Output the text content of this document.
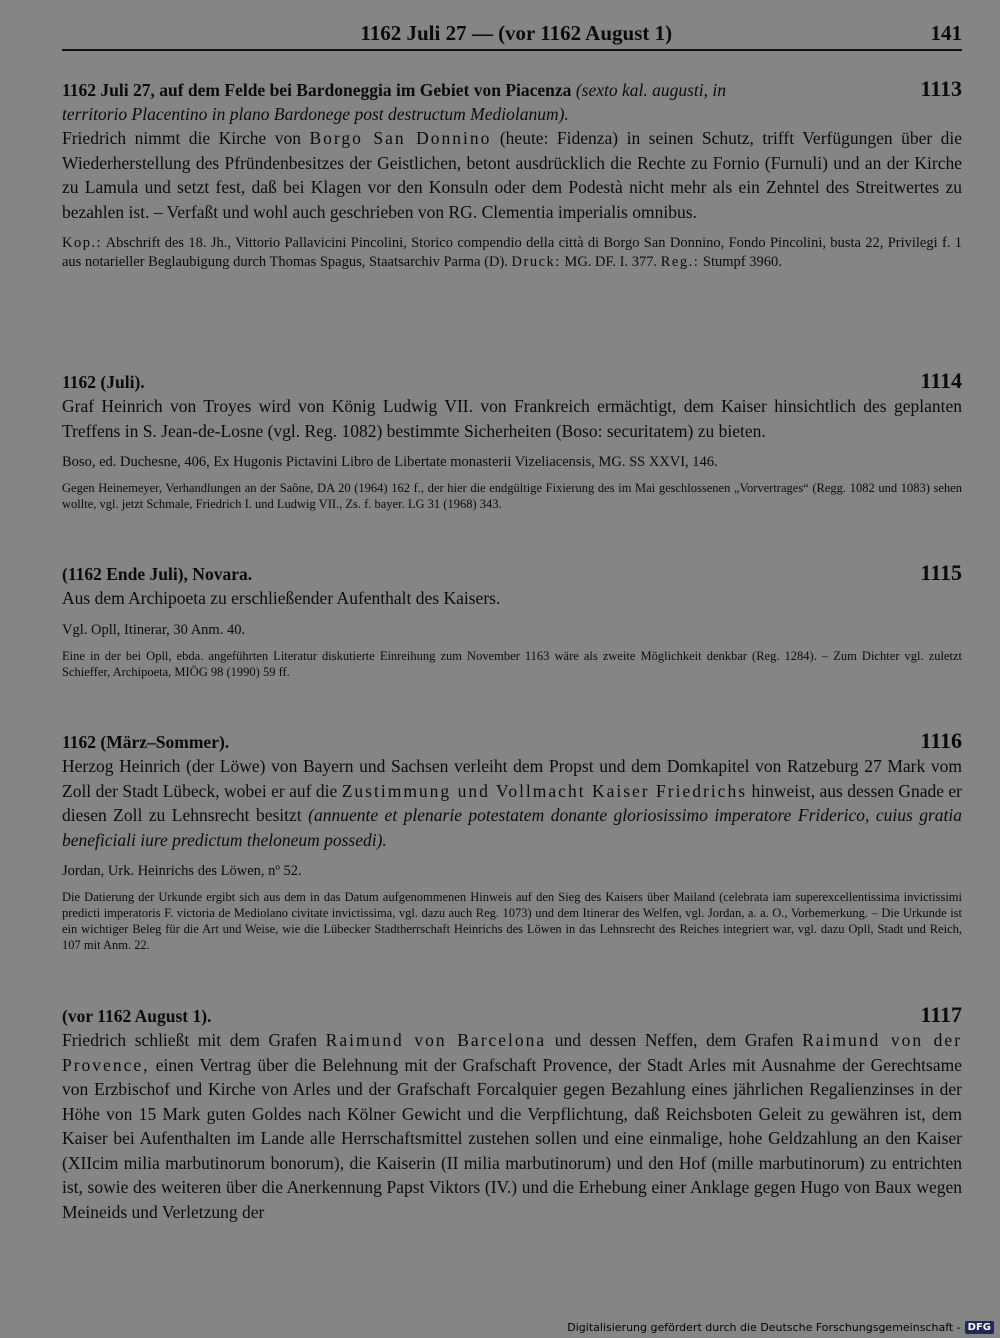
1162 Juli 27 — (vor 1162 August 1)	141
1162 Juli 27, auf dem Felde bei Bardoneggia im Gebiet von Piacenza (sexto kal. augusti, in	1113
territorio Placentino in plano Bardonege post destructum Mediolanum).
Friedrich nimmt die Kirche von Borgo San Donnino (heute: Fidenza) in seinen Schutz, trifft Verfügungen über die Wiederherstellung des Pfründenbesitzes der Geistlichen, betont ausdrücklich die Rechte zu Fornio (Furnuli) und an der Kirche zu Lamula und setzt fest, daß bei Klagen vor den Konsuln oder dem Podestà nicht mehr als ein Zehntel des Streitwertes zu bezahlen ist. – Verfaßt und wohl auch geschrieben von RG. Clementia imperialis omnibus.
Kop.: Abschrift des 18. Jh., Vittorio Pallavicini Pincolini, Storico compendio della città di Borgo San Donnino, Fondo Pincolini, busta 22, Privilegi f. 1 aus notarieller Beglaubigung durch Thomas Spagus, Staatsarchiv Parma (D). Druck: MG. DF. I. 377. Reg.: Stumpf 3960.
1162 (Juli).	1114
Graf Heinrich von Troyes wird von König Ludwig VII. von Frankreich ermächtigt, dem Kaiser hinsichtlich des geplanten Treffens in S. Jean-de-Losne (vgl. Reg. 1082) bestimmte Sicherheiten (Boso: securitatem) zu bieten.
Boso, ed. Duchesne, 406, Ex Hugonis Pictavini Libro de Libertate monasterii Vizeliacensis, MG. SS XXVI, 146.
Gegen Heinemeyer, Verhandlungen an der Saône, DA 20 (1964) 162 f., der hier die endgültige Fixierung des im Mai geschlossenen „Vorvertrages“ (Regg. 1082 und 1083) sehen wollte, vgl. jetzt Schmale, Friedrich I. und Ludwig VII., Zs. f. bayer. LG 31 (1968) 343.
(1162 Ende Juli), Novara.	1115
Aus dem Archipoeta zu erschließender Aufenthalt des Kaisers.
Vgl. Opll, Itinerar, 30 Anm. 40.
Eine in der bei Opll, ebda. angeführten Literatur diskutierte Einreihung zum November 1163 wäre als zweite Möglichkeit denkbar (Reg. 1284). – Zum Dichter vgl. zuletzt Schieffer, Archipoeta, MIÖG 98 (1990) 59 ff.
1162 (März–Sommer).	1116
Herzog Heinrich (der Löwe) von Bayern und Sachsen verleiht dem Propst und dem Domkapitel von Ratzeburg 27 Mark vom Zoll der Stadt Lübeck, wobei er auf die Zustimmung und Vollmacht Kaiser Friedrichs hinweist, aus dessen Gnade er diesen Zoll zu Lehnsrecht besitzt (annuente et plenarie potestatem donante gloriosissimo imperatore Friderico, cuius gratia beneficiali iure predictum theloneum possedi).
Jordan, Urk. Heinrichs des Löwen, nº 52.
Die Datierung der Urkunde ergibt sich aus dem in das Datum aufgenommenen Hinweis auf den Sieg des Kaisers über Mailand (celebrata iam superexcellentissima invictissimi predicti imperatoris F. victoria de Mediolano civitate invictissima, vgl. dazu auch Reg. 1073) und dem Itinerar des Welfen, vgl. Jordan, a. a. O., Vorbemerkung. – Die Urkunde ist ein wichtiger Beleg für die Art und Weise, wie die Lübecker Stadtherrschaft Heinrichs des Löwen in das Lehnsrecht des Reiches integriert war, vgl. dazu Opll, Stadt und Reich, 107 mit Anm. 22.
(vor 1162 August 1).	1117
Friedrich schließt mit dem Grafen Raimund von Barcelona und dessen Neffen, dem Grafen Raimund von der Provence, einen Vertrag über die Belehnung mit der Grafschaft Provence, der Stadt Arles mit Ausnahme der Gerechtsame von Erzbischof und Kirche von Arles und der Grafschaft Forcalquier gegen Bezahlung eines jährlichen Regalienzinses in der Höhe von 15 Mark guten Goldes nach Kölner Gewicht und die Verpflichtung, daß Reichsboten Geleit zu gewähren ist, dem Kaiser bei Aufenthalten im Lande alle Herrschaftsmittel zustehen sollen und eine einmalige, hohe Geldzahlung an den Kaiser (XIIcim milia marbutinorum bonorum), die Kaiserin (II milia marbutinorum) und den Hof (mille marbutinorum) zu entrichten ist, sowie des weiteren über die Anerkennung Papst Viktors (IV.) und die Erhebung einer Anklage gegen Hugo von Baux wegen Meineids und Verletzung der
Digitalisierung gefördert durch die Deutsche Forschungsgemeinschaft - DFG
